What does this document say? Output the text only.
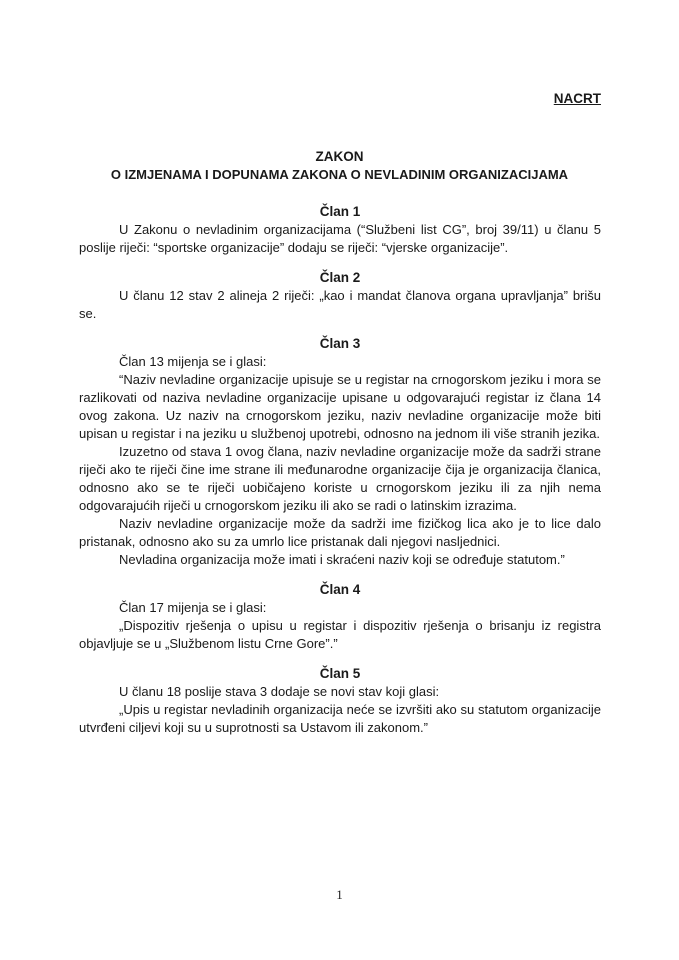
NACRT
ZAKON
O IZMJENAMA I DOPUNAMA ZAKONA O NEVLADINIM ORGANIZACIJAMA

Član 1

U Zakonu o nevladinim organizacijama (“Službeni list CG”, broj 39/11) u članu 5 poslije riječi: “sportske organizacije” dodaju se riječi: “vjerske organizacije”.

Član 2

U članu 12 stav 2 alineja 2 riječi: „kao i mandat članova organa upravljanja” brišu se.

Član 3

Član 13 mijenja se i glasi:

“Naziv nevladine organizacije upisuje se u registar na crnogorskom jeziku i mora se razlikovati od naziva nevladine organizacije upisane u odgovarajući registar iz člana 14 ovog zakona. Uz naziv na crnogorskom jeziku, naziv nevladine organizacije može biti upisan u registar i na jeziku u službenoj upotrebi, odnosno na jednom ili više stranih jezika.

Izuzetno od stava 1 ovog člana, naziv nevladine organizacije može da sadrži strane riječi ako te riječi čine ime strane ili međunarodne organizacije čija je organizacija članica, odnosno ako se te riječi uobičajeno koriste u crnogorskom jeziku ili za njih nema odgovarajućih riječi u crnogorskom jeziku ili ako se radi o latinskim izrazima.

Naziv nevladine organizacije može da sadrži ime fizičkog lica ako je to lice dalo pristanak, odnosno ako su za umrlo lice pristanak dali njegovi nasljednici.

Nevladina organizacija može imati i skraćeni naziv koji se određuje statutom.”

Član 4

Član 17 mijenja se i glasi:

„Dispozitiv rješenja o upisu u registar i dispozitiv rješenja o brisanju iz registra objavljuje se u „Službenom listu Crne Gore”.”

Član 5

U članu 18 poslije stava 3 dodaje se novi stav koji glasi:

„Upis u registar nevladinih organizacija neće se izvršiti ako su statutom organizacije utvrđeni ciljevi koji su u suprotnosti sa Ustavom ili zakonom.”

1
